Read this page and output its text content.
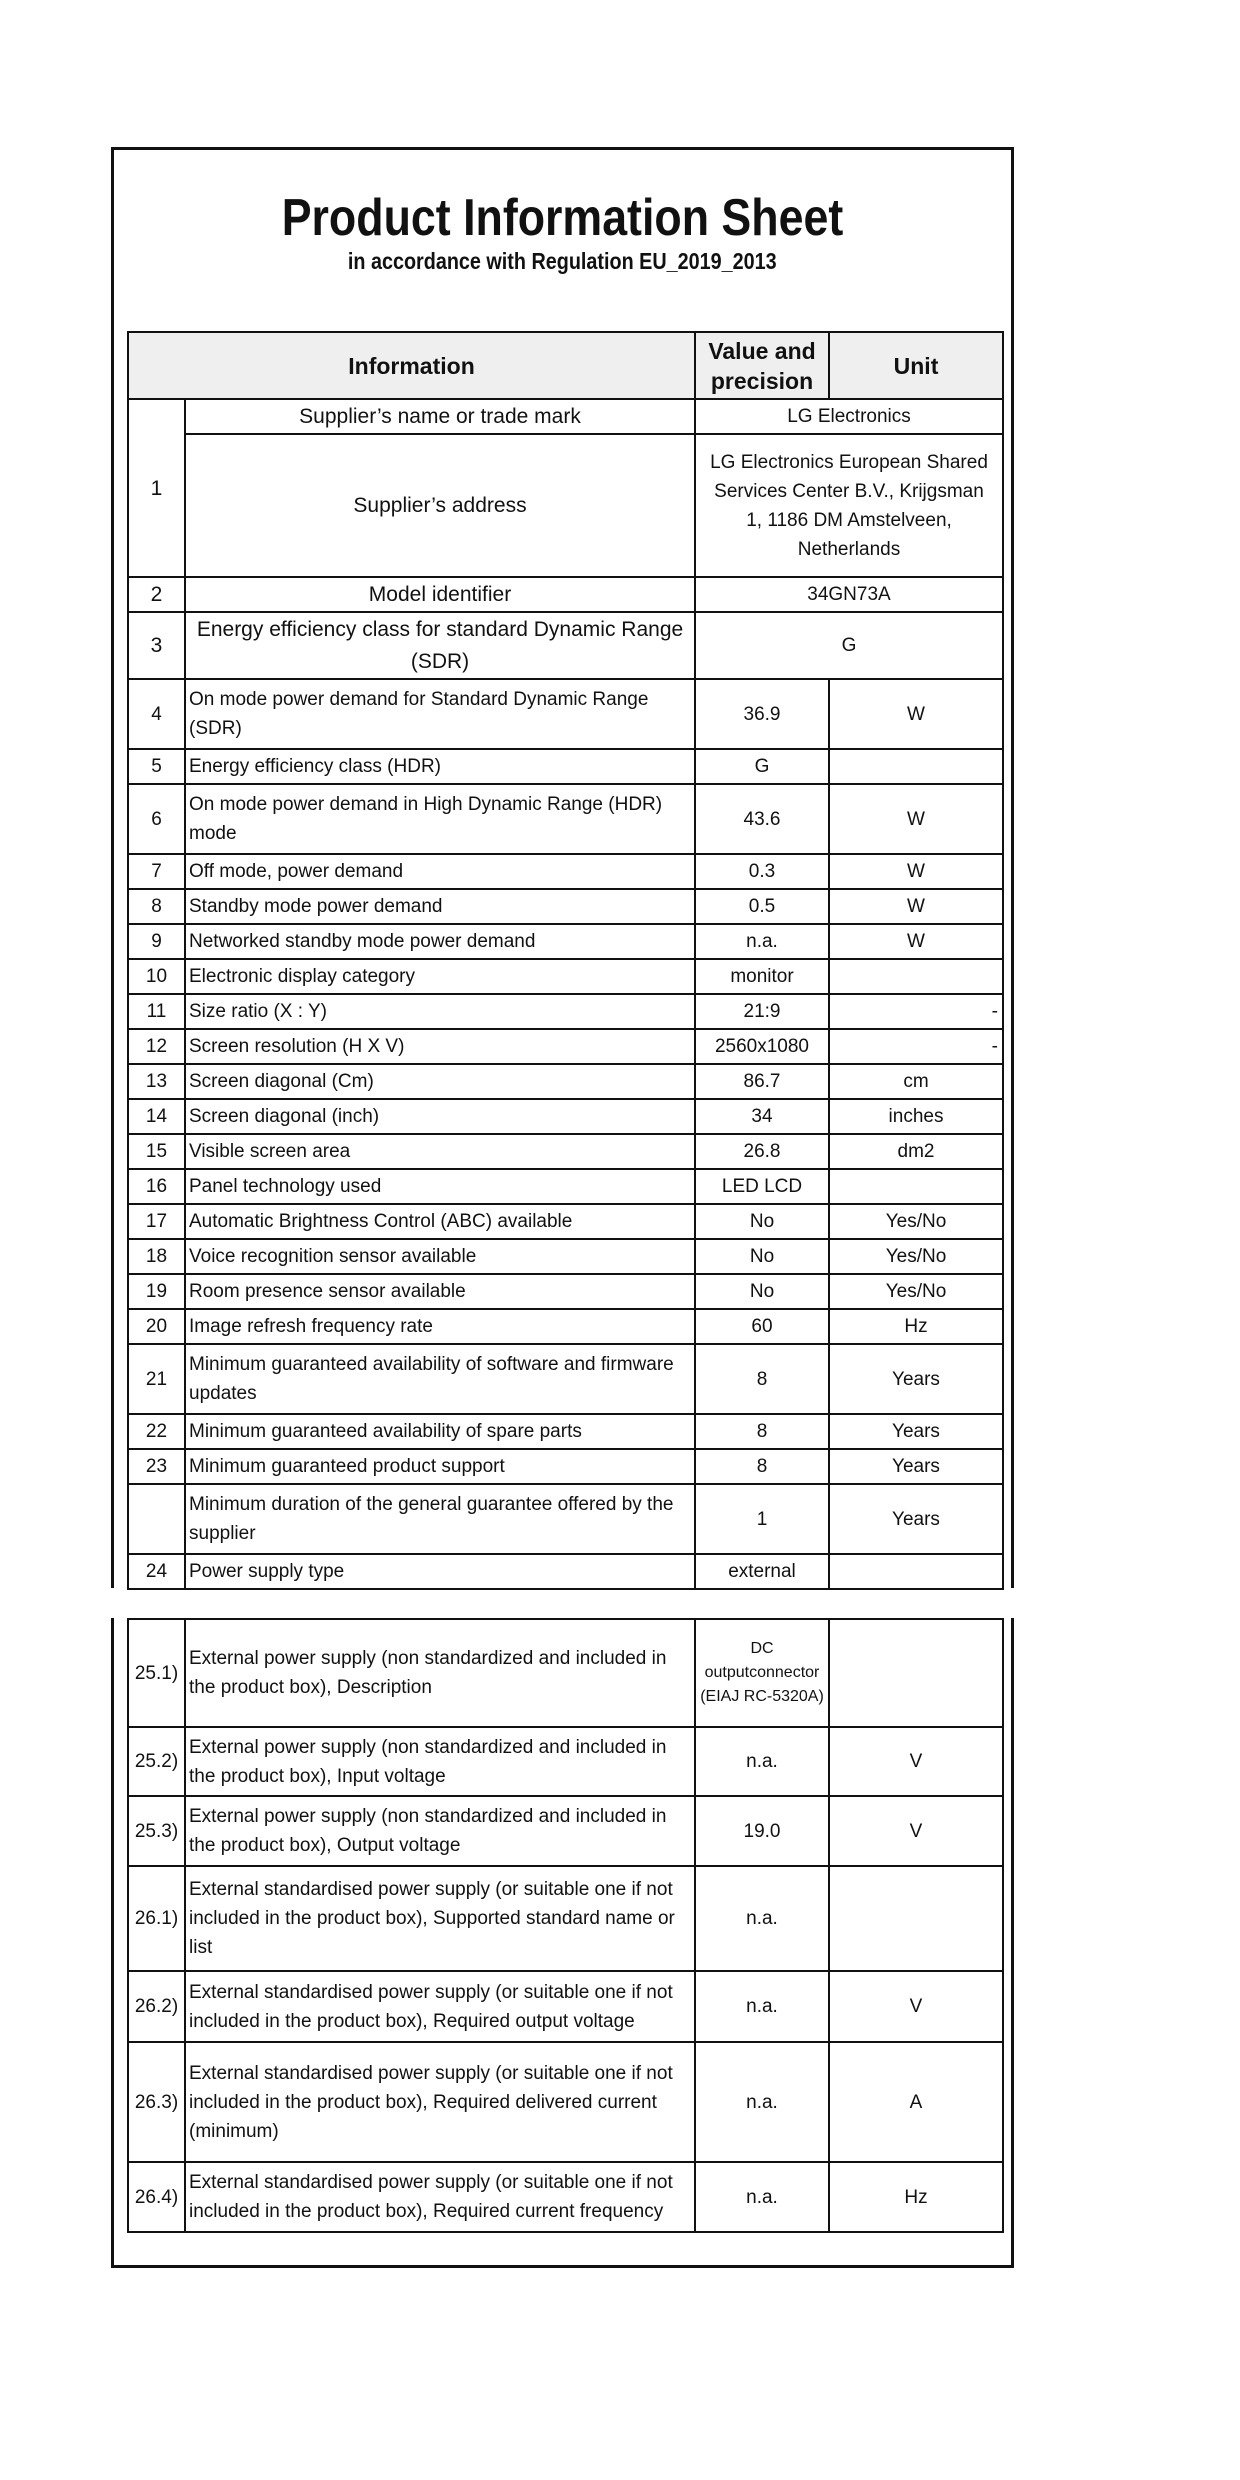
Product Information Sheet
in accordance with Regulation EU_2019_2013
Information		Value and precision	Unit
1	Supplier’s name or trade mark	LG Electronics	
	Supplier’s address	LG Electronics European Shared Services Center B.V., Krijgsman 1, 1186 DM Amstelveen, Netherlands	
2	Model identifier	34GN73A	
3	Energy efficiency class for standard Dynamic Range (SDR)	G	
4	On mode power demand for Standard Dynamic Range (SDR)	36.9	W
5	Energy efficiency class (HDR)	G	
6	On mode power demand in High Dynamic Range (HDR) mode	43.6	W
7	Off mode, power demand	0.3	W
8	Standby mode power demand	0.5	W
9	Networked standby mode power demand	n.a.	W
10	Electronic display category	monitor	
11	Size ratio (X : Y)	21:9	-
12	Screen resolution (H X V)	2560x1080	-
13	Screen diagonal (Cm)	86.7	cm
14	Screen diagonal (inch)	34	inches
15	Visible screen area	26.8	dm2
16	Panel technology used	LED LCD	
17	Automatic Brightness Control (ABC) available	No	Yes/No
18	Voice recognition sensor available	No	Yes/No
19	Room presence sensor available	No	Yes/No
20	Image refresh frequency rate	60	Hz
21	Minimum guaranteed availability of software and firmware updates	8	Years
22	Minimum guaranteed availability of spare parts	8	Years
23	Minimum guaranteed product support	8	Years
	Minimum duration of the general guarantee offered by the supplier	1	Years
24	Power supply type	external	
25.1)	External power supply (non standardized and included in the product box), Description	DC outputconnector (EIAJ RC-5320A)	
25.2)	External power supply (non standardized and included in the product box), Input voltage	n.a.	V
25.3)	External power supply (non standardized and included in the product box), Output voltage	19.0	V
26.1)	External standardised power supply (or suitable one if not included in the product box), Supported standard name or list	n.a.	
26.2)	External standardised power supply (or suitable one if not included in the product box), Required output voltage	n.a.	V
26.3)	External standardised power supply (or suitable one if not included in the product box), Required delivered current (minimum)	n.a.	A
26.4)	External standardised power supply (or suitable one if not included in the product box), Required current frequency	n.a.	Hz
